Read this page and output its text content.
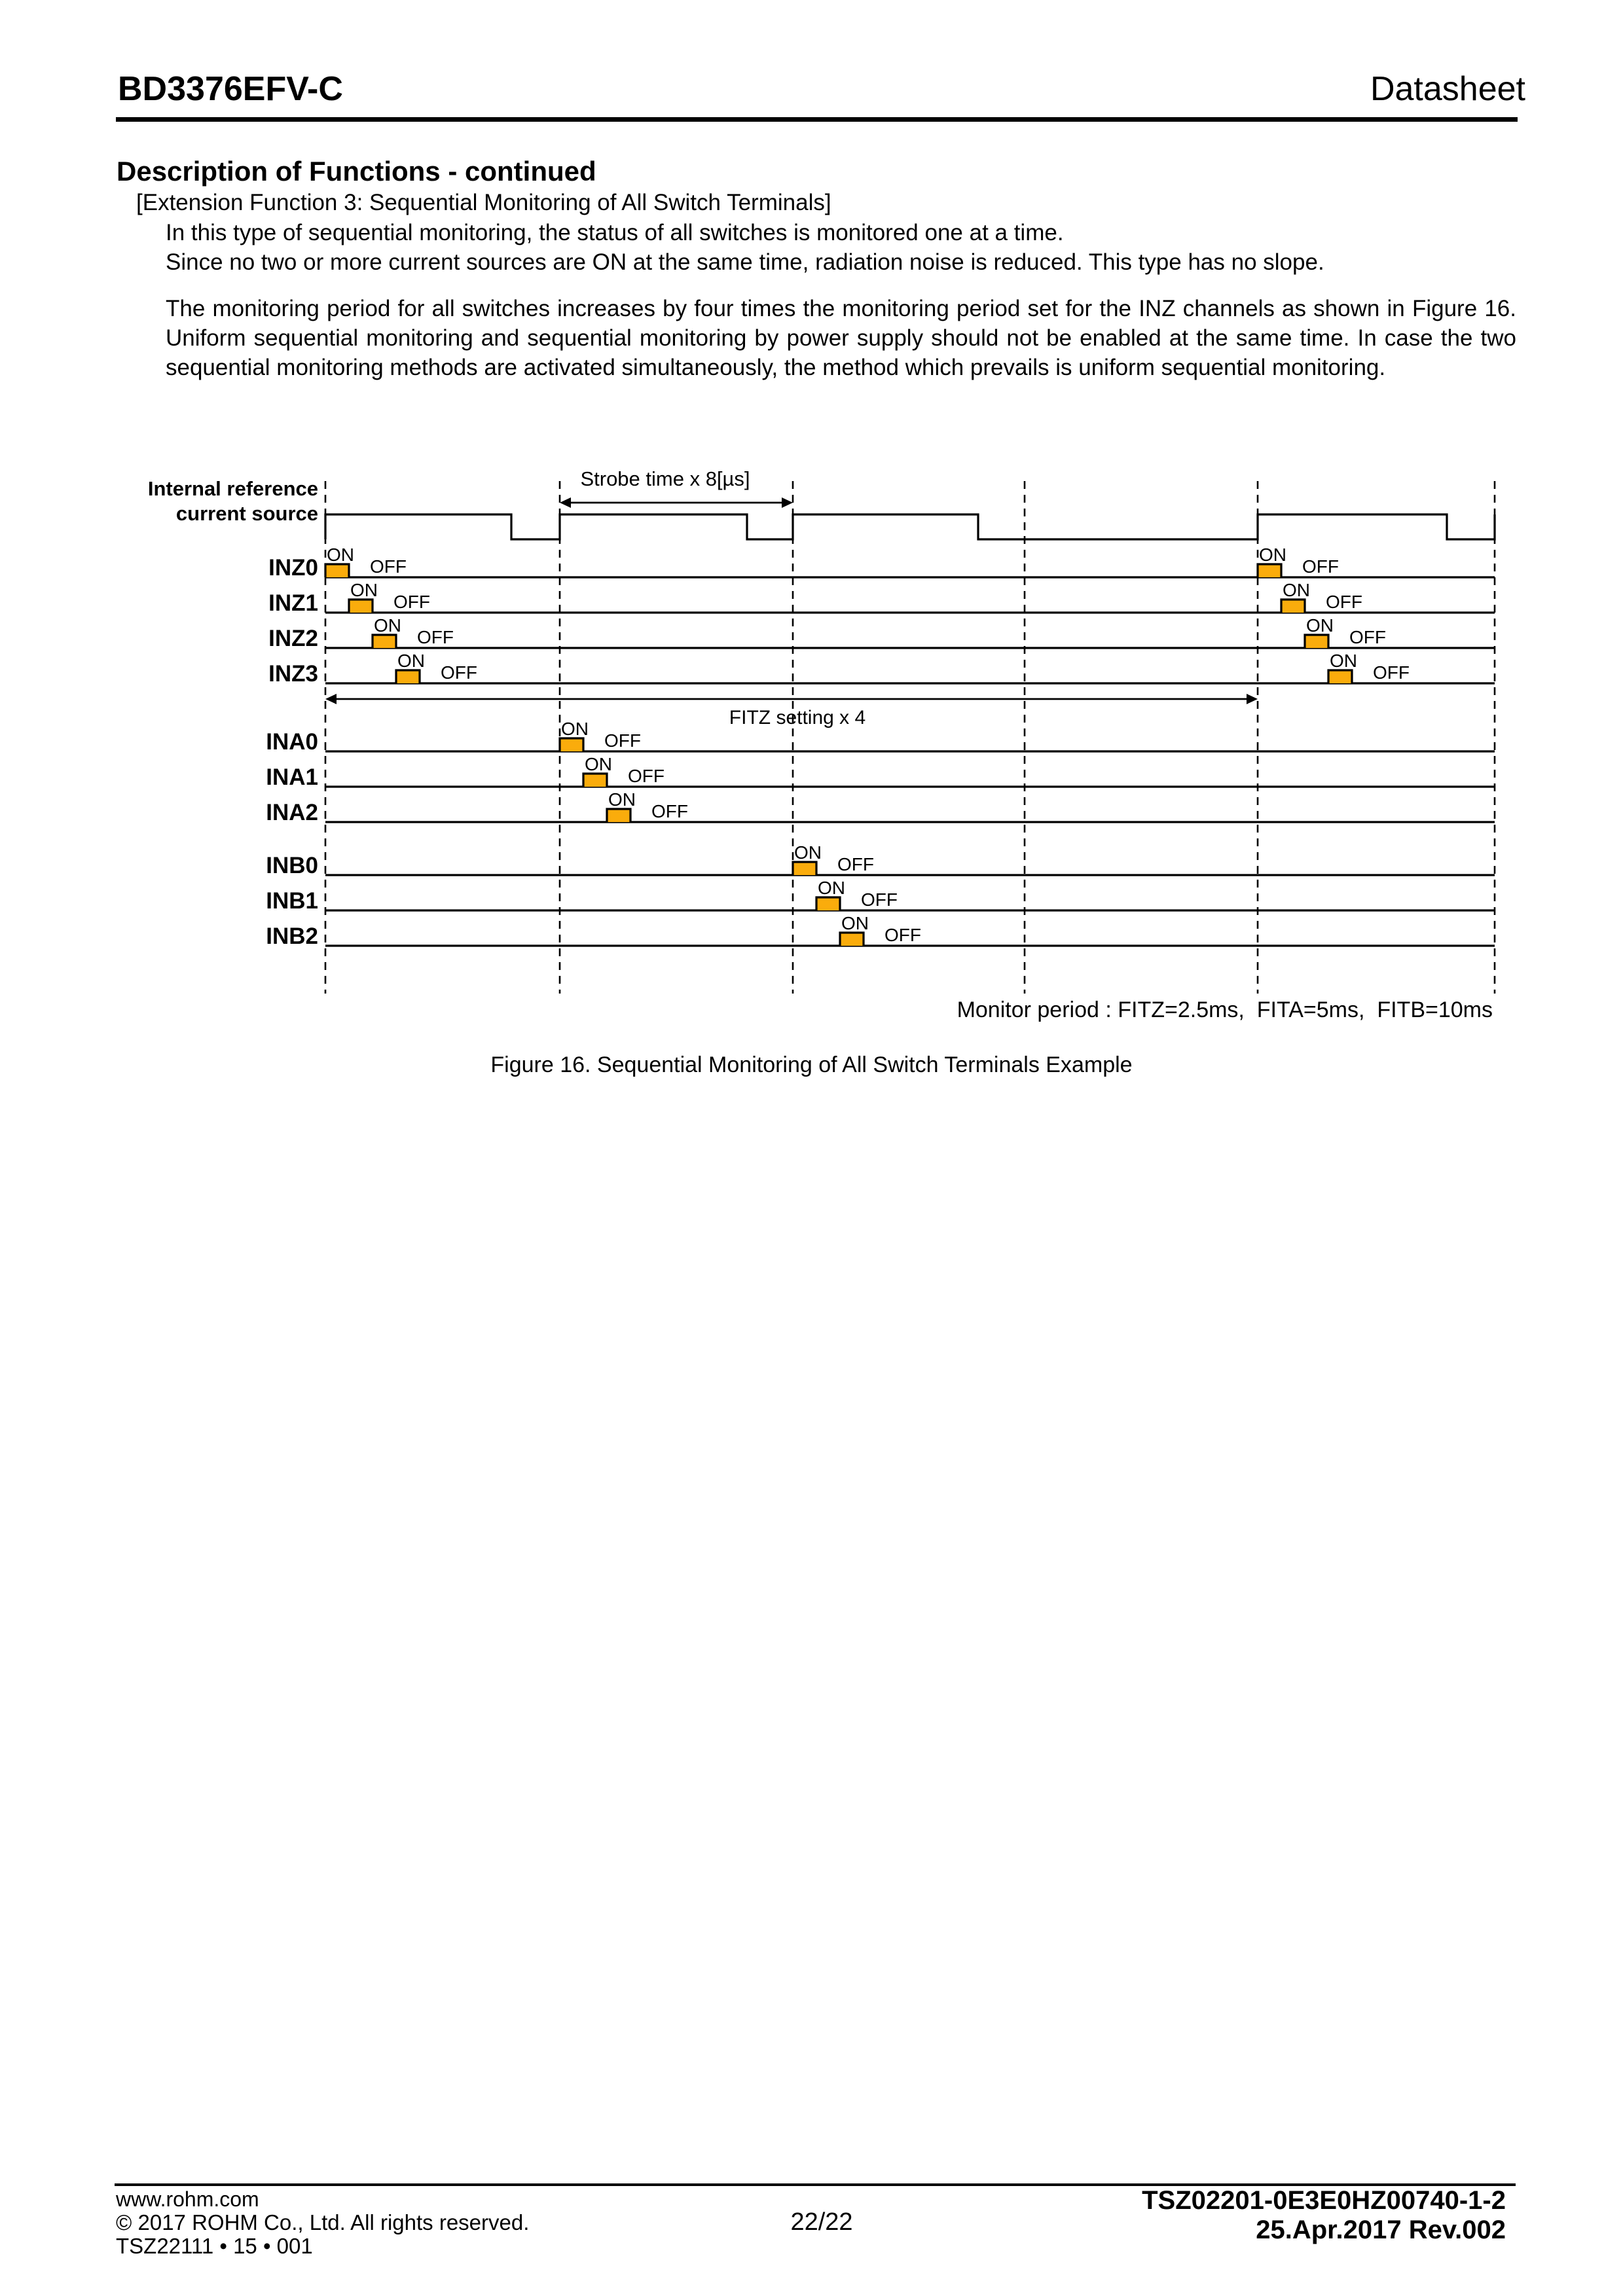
BD3376EFV-C	Datasheet
Description of Functions - continued
[Extension Function 3: Sequential Monitoring of All Switch Terminals]
In this type of sequential monitoring, the status of all switches is monitored one at a time.
Since no two or more current sources are ON at the same time, radiation noise is reduced. This type has no slope.
The monitoring period for all switches increases by four times the monitoring period set for the INZ channels as shown in Figure 16. Uniform sequential monitoring and sequential monitoring by power supply should not be enabled at the same time. In case the two sequential monitoring methods are activated simultaneously, the method which prevails is uniform sequential monitoring.
Internal reference
current source
INZ0
ON
OFF
ON
OFF
INZ1
ON
OFF
ON
OFF
INZ2
ON
OFF
ON
OFF
INZ3
ON
OFF
ON
OFF
INA0
ON
OFF
INA1
ON
OFF
INA2
ON
OFF
INB0
ON
OFF
INB1
ON
OFF
INB2
ON
OFF
Strobe time x 8[µs]
FITZ setting x 4
Monitor period : FITZ=2.5ms,  FITA=5ms,  FITB=10ms
Figure 16. Sequential Monitoring of All Switch Terminals Example
www.rohm.com
© 2017 ROHM Co., Ltd. All rights reserved.
TSZ22111 • 15 • 001
22/22
TSZ02201-0E3E0HZ00740-1-2
25.Apr.2017 Rev.002
